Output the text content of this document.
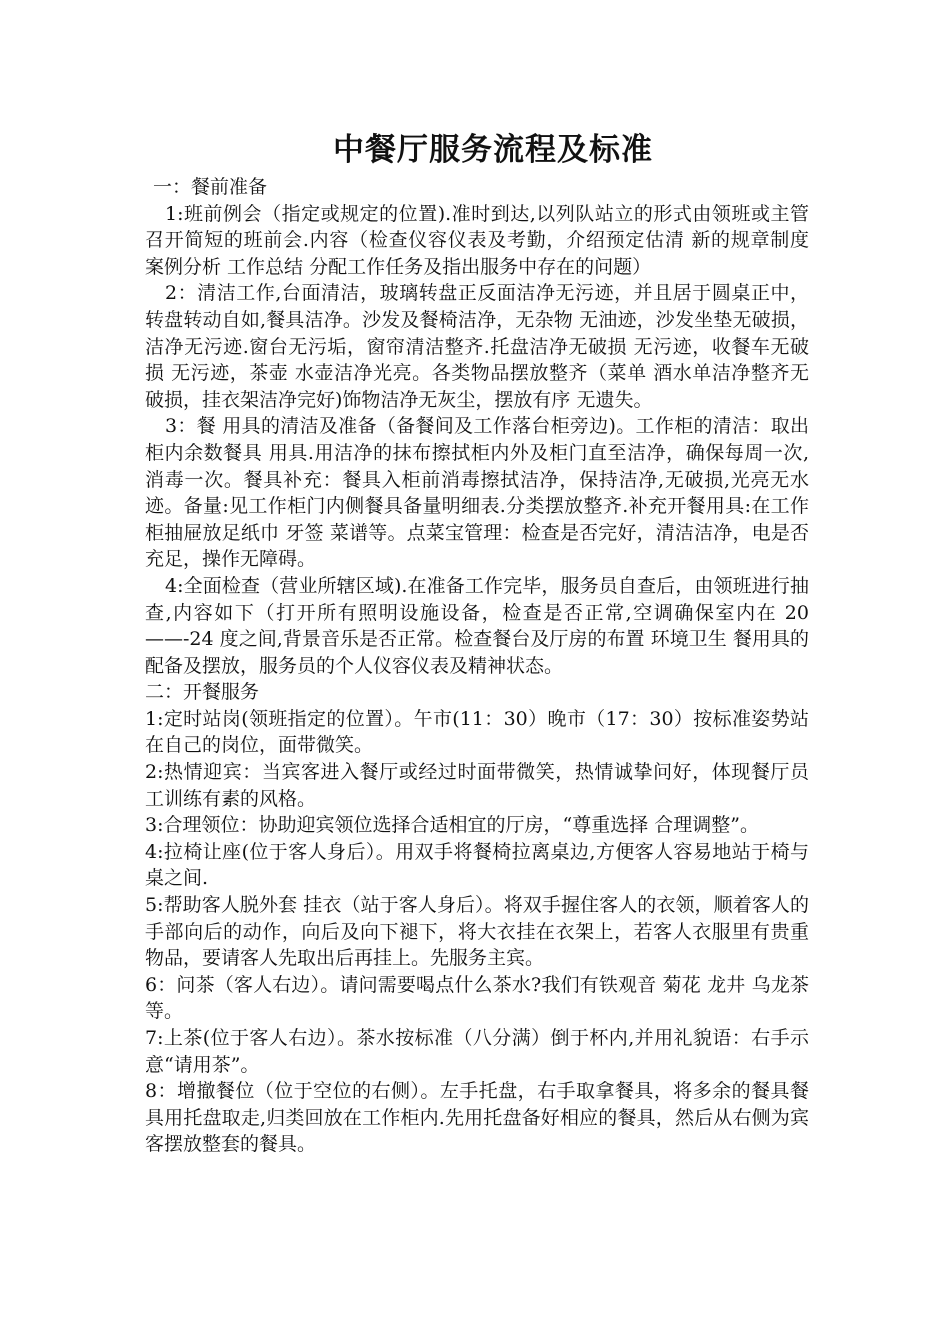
中餐厅服务流程及标准

一：餐前准备

1:班前例会（指定或规定的位置).准时到达,以列队站立的形式由领班或主管召开简短的班前会.内容（检查仪容仪表及考勤，介绍预定估清 新的规章制度 案例分析 工作总结 分配工作任务及指出服务中存在的问题）

2：清洁工作,台面清洁，玻璃转盘正反面洁净无污迹，并且居于圆桌正中，转盘转动自如,餐具洁净。沙发及餐椅洁净，无杂物 无油迹，沙发坐垫无破损，洁净无污迹.窗台无污垢，窗帘清洁整齐.托盘洁净无破损 无污迹，收餐车无破损 无污迹，茶壶 水壶洁净光亮。各类物品摆放整齐（菜单 酒水单洁净整齐无破损，挂衣架洁净完好)饰物洁净无灰尘，摆放有序 无遗失。

3：餐 用具的清洁及准备（备餐间及工作落台柜旁边)。工作柜的清洁：取出柜内余数餐具 用具.用洁净的抹布擦拭柜内外及柜门直至洁净，确保每周一次,消毒一次。餐具补充：餐具入柜前消毒擦拭洁净，保持洁净,无破损,光亮无水迹。备量:见工作柜门内侧餐具备量明细表.分类摆放整齐.补充开餐用具:在工作柜抽屉放足纸巾 牙签 菜谱等。点菜宝管理：检查是否完好，清洁洁净，电是否充足，操作无障碍。

4:全面检查（营业所辖区域).在准备工作完毕，服务员自查后，由领班进行抽查,内容如下（打开所有照明设施设备，检查是否正常,空调确保室内在 20——-24 度之间,背景音乐是否正常。检查餐台及厅房的布置 环境卫生 餐用具的配备及摆放，服务员的个人仪容仪表及精神状态。

二：开餐服务

1:定时站岗(领班指定的位置）。午市(11：30）晚市（17：30）按标准姿势站在自己的岗位，面带微笑。

2:热情迎宾：当宾客进入餐厅或经过时面带微笑，热情诚挚问好，体现餐厅员工训练有素的风格。

3:合理领位：协助迎宾领位选择合适相宜的厅房，“尊重选择 合理调整”。

4:拉椅让座(位于客人身后）。用双手将餐椅拉离桌边,方便客人容易地站于椅与桌之间.

5:帮助客人脱外套 挂衣（站于客人身后）。将双手握住客人的衣领，顺着客人的手部向后的动作，向后及向下褪下，将大衣挂在衣架上，若客人衣服里有贵重物品，要请客人先取出后再挂上。先服务主宾。

6：问茶（客人右边）。请问需要喝点什么茶水?我们有铁观音 菊花 龙井 乌龙茶等。

7:上茶(位于客人右边）。茶水按标准（八分满）倒于杯内,并用礼貌语：右手示意“请用茶”。

8：增撤餐位（位于空位的右侧）。左手托盘，右手取拿餐具，将多余的餐具餐具用托盘取走,归类回放在工作柜内.先用托盘备好相应的餐具，然后从右侧为宾客摆放整套的餐具。
